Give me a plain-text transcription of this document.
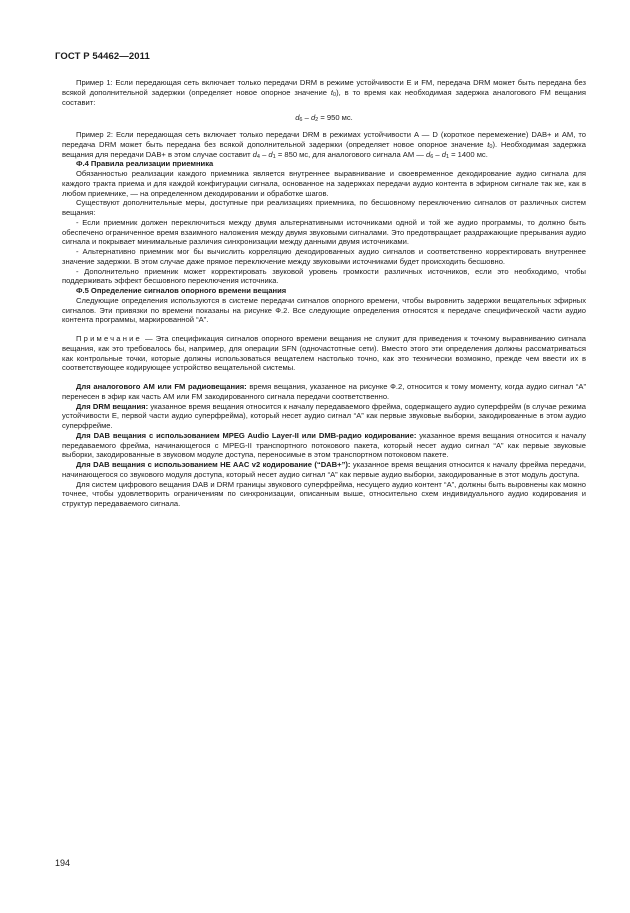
ГОСТ Р 54462—2011

Пример 1: Если передающая сеть включает только передачи DRM в режиме устойчивости E и FM, передача DRM может быть передана без всякой дополнительной задержки (определяет новое опорное значение $t_0$), в то время как необходимая задержка аналогового FM вещания составит:

$d_6 - d_2 = 950$ мс.

Пример 2: Если передающая сеть включает только передачи DRM в режимах устойчивости A — D (короткое перемежение) DAB+ и AM, то передача DRM может быть передана без всякой дополнительной задержки (определяет новое опорное значение $t_0$). Необходимая задержка вещания для передачи DAB+ в этом случае составит $d_4 - d_1 = 850$ мс, для аналогового сигнала AM — $d_6 - d_1 = 1400$ мс.

Ф.4 Правила реализации приемника

Обязанностью реализации каждого приемника является внутреннее выравнивание и своевременное декодирование аудио сигнала для каждого тракта приема и для каждой конфигурации сигнала, основанное на задержках передачи аудио контента в эфирном сигнале так же, как в любом приемнике, — на определенном декодировании и обработке шагов.

Существуют дополнительные меры, доступные при реализациях приемника, по бесшовному переключению сигналов от различных систем вещания:

- Если приемник должен переключиться между двумя альтернативными источниками одной и той же аудио программы, то должно быть обеспечено ограниченное время взаимного наложения между двумя звуковыми сигналами. Это предотвращает раздражающие прерывания аудио сигнала и покрывает минимальные различия синхронизации между данными двумя источниками.

- Альтернативно приемник мог бы вычислить корреляцию декодированных аудио сигналов и соответственно корректировать внутреннее значение задержки. В этом случае даже прямое переключение между звуковыми источниками будет происходить бесшовно.

- Дополнительно приемник может корректировать звуковой уровень громкости различных источников, если это необходимо, чтобы поддерживать эффект бесшовного переключения источника.

Ф.5 Определение сигналов опорного времени вещания

Следующие определения используются в системе передачи сигналов опорного времени, чтобы выровнить задержки вещательных эфирных сигналов. Эти привязки по времени показаны на рисунке Ф.2. Все следующие определения относятся к передаче специфической части аудио контента программы, маркированной “A”.

Примечание — Эта спецификация сигналов опорного времени вещания не служит для приведения к точному выравниванию сигнала вещания, как это требовалось бы, например, для операции SFN (одночастотные сети). Вместо этого эти определения должны рассматриваться как контрольные точки, которые должны использоваться вещателем настолько точно, как это технически возможно, прежде чем ввести их в соответствующее кодирующее устройство вещательной системы.

Для аналогового AM или FM радиовещания: время вещания, указанное на рисунке Ф.2, относится к тому моменту, когда аудио сигнал “A” перенесен в эфир как часть AM или FM закодированного сигнала передачи соответственно.

Для DRM вещания: указанное время вещания относится к началу передаваемого фрейма, содержащего аудио суперфрейм (в случае режима устойчивости E, первой части аудио суперфрейма), который несет аудио сигнал “A” как первые звуковые выборки, закодированные в этом аудио суперфрейме.

Для DAB вещания с использованием MPEG Audio Layer-II или DMB-радио кодирование: указанное время вещания относится к началу передаваемого фрейма, начинающегося с MPEG-II транспортного потокового пакета, который несет аудио сигнал “A” как первые звуковые выборки, закодированные в звуковом модуле доступа, переносимые в этом транспортном потоковом пакете.

Для DAB вещания с использованием HE AAC v2 кодирование (“DAB+”): указанное время вещания относится к началу фрейма передачи, начинающегося со звукового модуля доступа, который несет аудио сигнал “A” как первые аудио выборки, закодированные в этот модуль доступа.

Для систем цифрового вещания DAB и DRM границы звукового суперфрейма, несущего аудио контент “A”, должны быть выровнены как можно точнее, чтобы удовлетворить ограничениям по синхронизации, описанным выше, относительно схем индивидуального аудио кодирования и структур передаваемого сигнала.

194
